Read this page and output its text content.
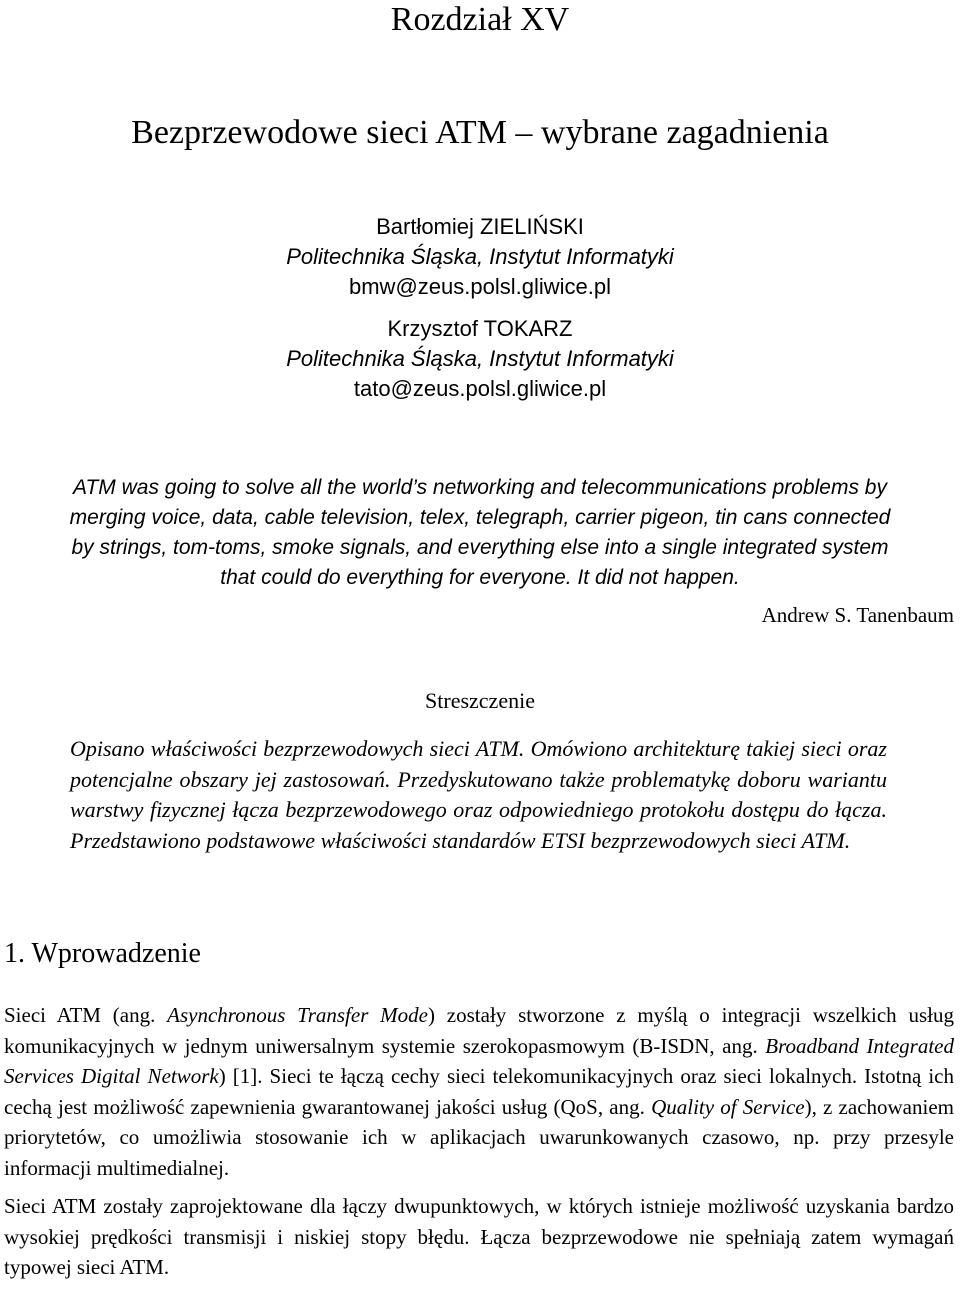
Rozdział XV
Bezprzewodowe sieci ATM – wybrane zagadnienia
Bartłomiej ZIELIŃSKI
Politechnika Śląska, Instytut Informatyki
bmw@zeus.polsl.gliwice.pl
Krzysztof TOKARZ
Politechnika Śląska, Instytut Informatyki
tato@zeus.polsl.gliwice.pl
ATM was going to solve all the world’s networking and telecommunications problems by
merging voice, data, cable television, telex, telegraph, carrier pigeon, tin cans connected
by strings, tom-toms, smoke signals, and everything else into a single integrated system
that could do everything for everyone. It did not happen.
Andrew S. Tanenbaum
Streszczenie
Opisano właściwości bezprzewodowych sieci ATM. Omówiono architekturę takiej sieci oraz potencjalne obszary jej zastosowań. Przedyskutowano także problematykę doboru wariantu warstwy fizycznej łącza bezprzewodowego oraz odpowiedniego protokołu dostępu do łącza. Przedstawiono podstawowe właściwości standardów ETSI bezprzewodowych sieci ATM.
1. Wprowadzenie

Sieci ATM (ang. Asynchronous Transfer Mode) zostały stworzone z myślą o integracji wszelkich usług komunikacyjnych w jednym uniwersalnym systemie szerokopasmowym (B-ISDN, ang. Broadband Integrated Services Digital Network) [1]. Sieci te łączą cechy sieci telekomunikacyjnych oraz sieci lokalnych. Istotną ich cechą jest możliwość zapewnienia gwarantowanej jakości usług (QoS, ang. Quality of Service), z zachowaniem priorytetów, co umożliwia stosowanie ich w aplikacjach uwarunkowanych czasowo, np. przy przesyle informacji multimedialnej.

Sieci ATM zostały zaprojektowane dla łączy dwupunktowych, w których istnieje możliwość uzyskania bardzo wysokiej prędkości transmisji i niskiej stopy błędu. Łącza bezprzewodowe nie spełniają zatem wymagań typowej sieci ATM.
